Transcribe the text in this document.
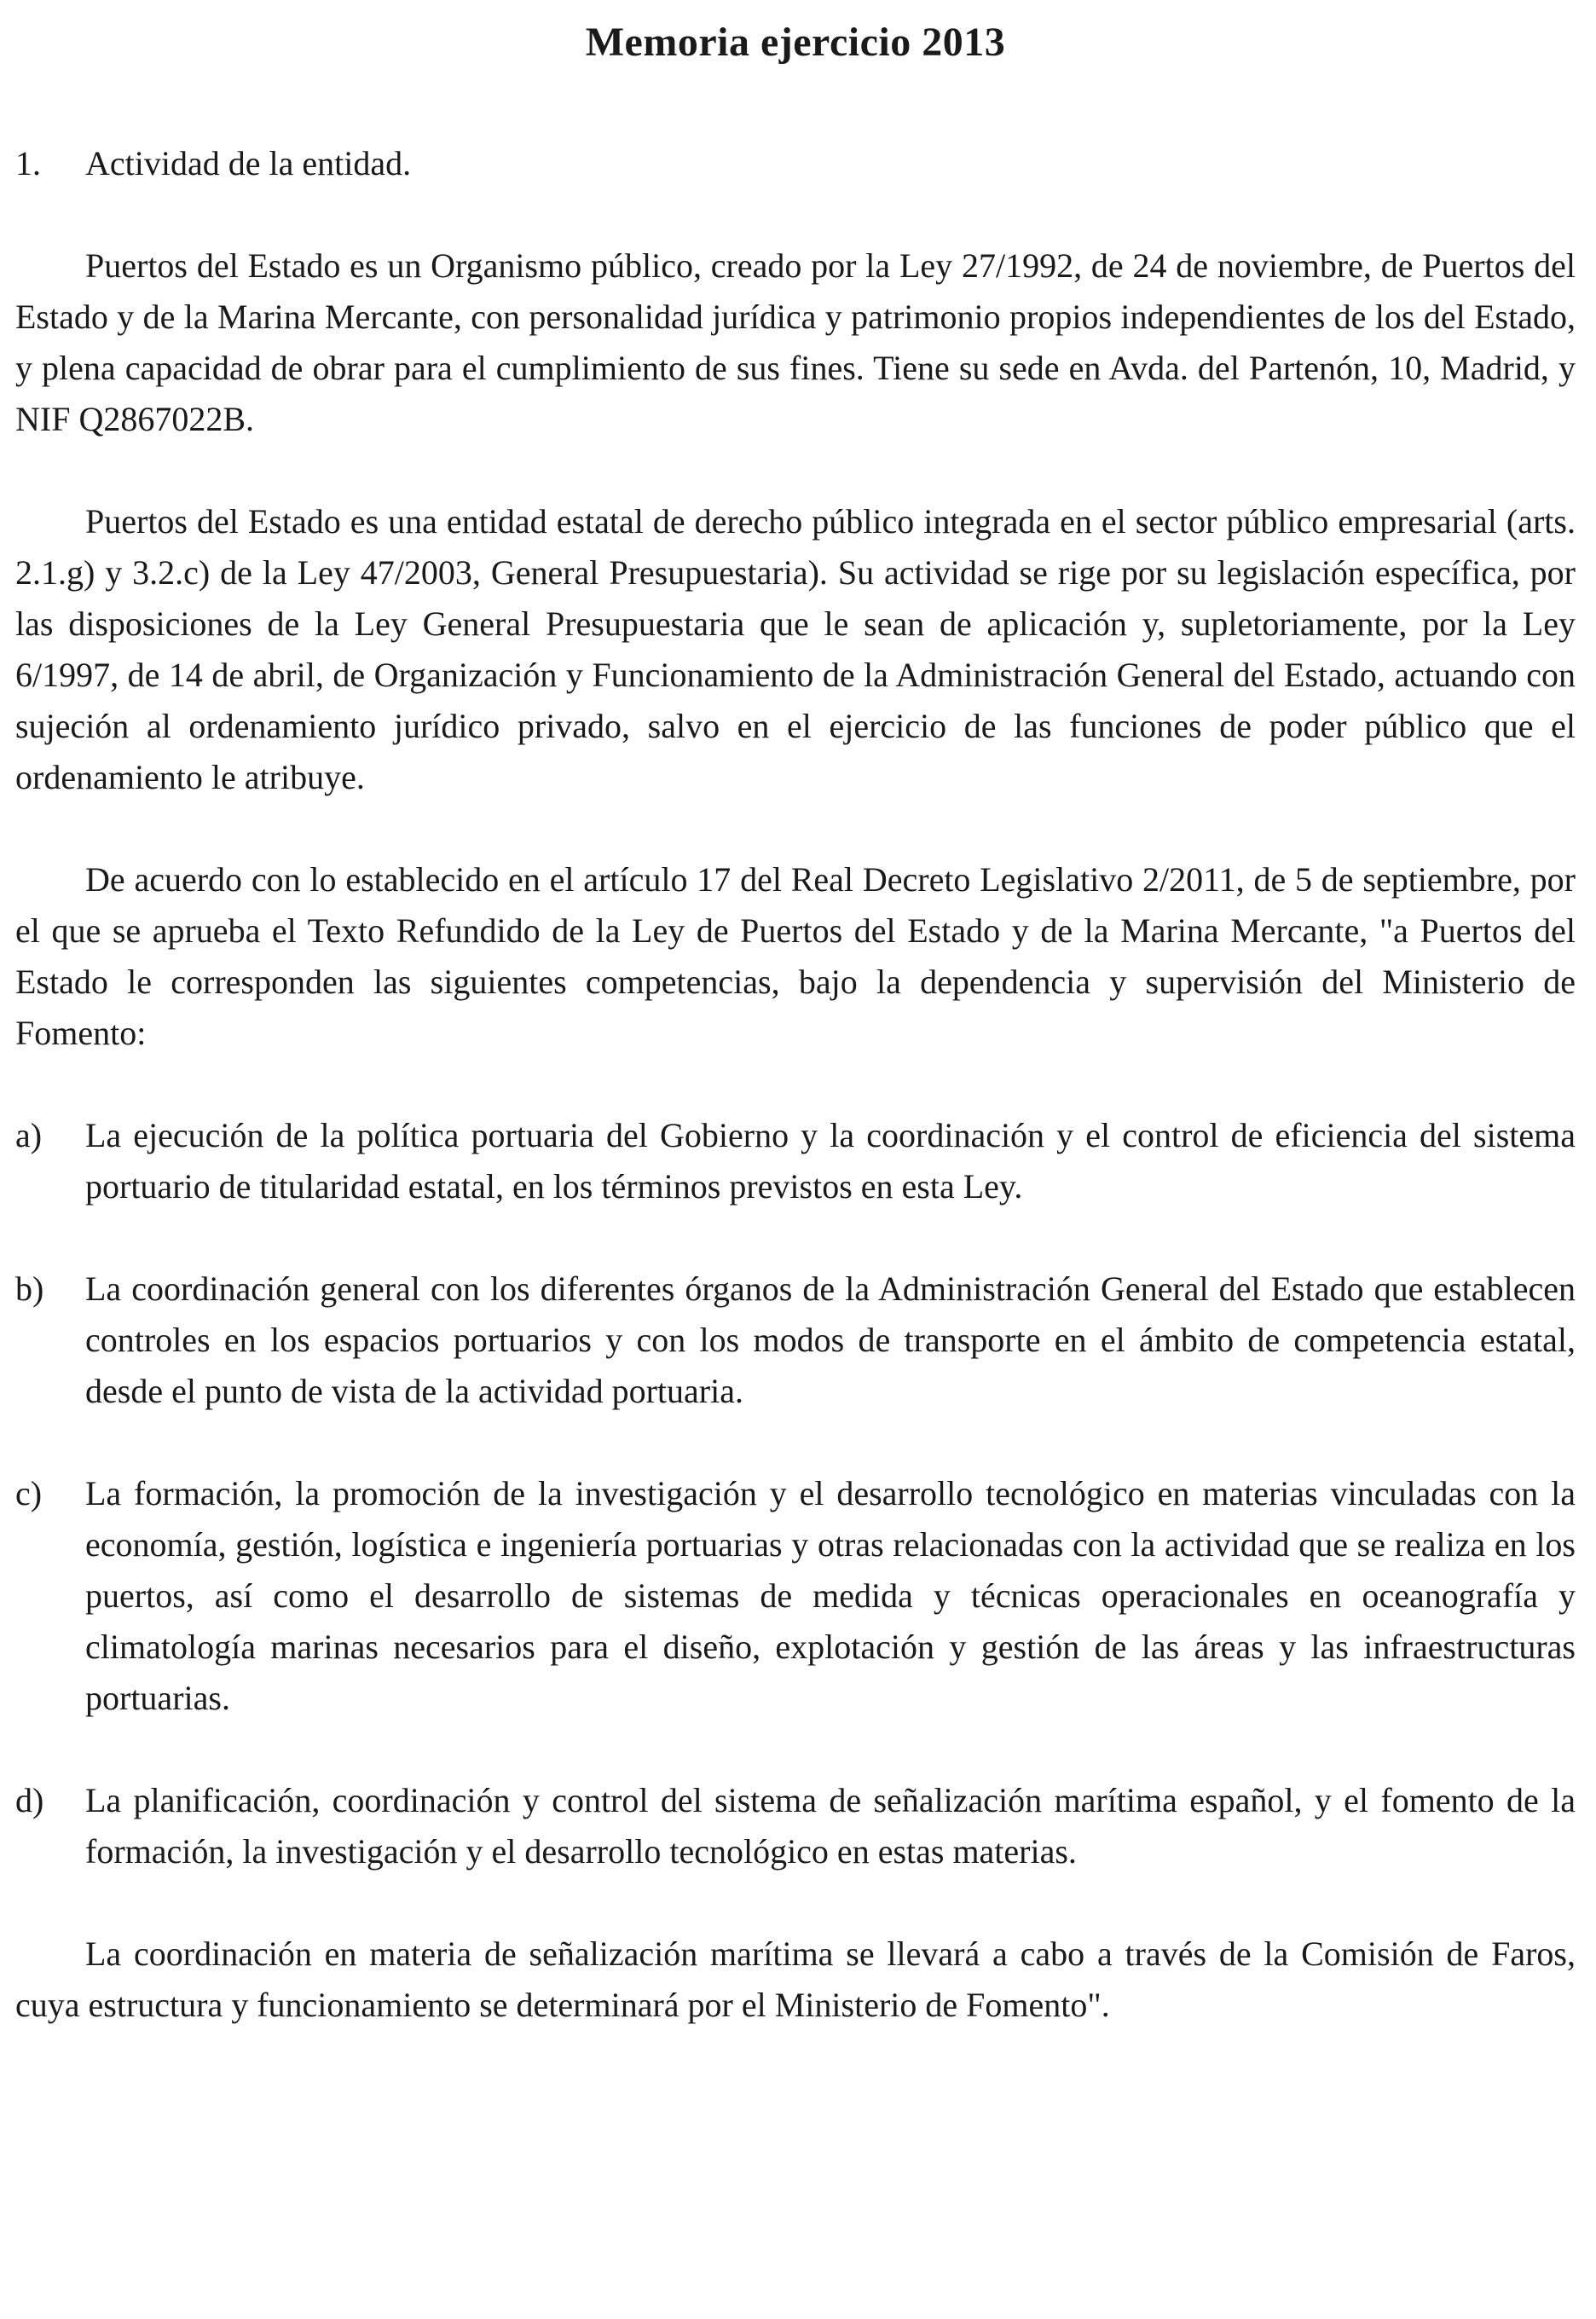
Memoria ejercicio 2013
1.	Actividad de la entidad.

Puertos del Estado es un Organismo público, creado por la Ley 27/1992, de 24 de noviembre, de Puertos del Estado y de la Marina Mercante, con personalidad jurídica y patrimonio propios independientes de los del Estado, y plena capacidad de obrar para el cumplimiento de sus fines. Tiene su sede en Avda. del Partenón, 10, Madrid, y NIF Q2867022B.

Puertos del Estado es una entidad estatal de derecho público integrada en el sector público empresarial (arts. 2.1.g) y 3.2.c) de la Ley 47/2003, General Presupuestaria). Su actividad se rige por su legislación específica, por las disposiciones de la Ley General Presupuestaria que le sean de aplicación y, supletoriamente, por la Ley 6/1997, de 14 de abril, de Organización y Funcionamiento de la Administración General del Estado, actuando con sujeción al ordenamiento jurídico privado, salvo en el ejercicio de las funciones de poder público que el ordenamiento le atribuye.

De acuerdo con lo establecido en el artículo 17 del Real Decreto Legislativo 2/2011, de 5 de septiembre, por el que se aprueba el Texto Refundido de la Ley de Puertos del Estado y de la Marina Mercante, "a Puertos del Estado le corresponden las siguientes competencias, bajo la dependencia y supervisión del Ministerio de Fomento:

a)	La ejecución de la política portuaria del Gobierno y la coordinación y el control de eficiencia del sistema portuario de titularidad estatal, en los términos previstos en esta Ley.
b)	La coordinación general con los diferentes órganos de la Administración General del Estado que establecen controles en los espacios portuarios y con los modos de transporte en el ámbito de competencia estatal, desde el punto de vista de la actividad portuaria.
c)	La formación, la promoción de la investigación y el desarrollo tecnológico en materias vinculadas con la economía, gestión, logística e ingeniería portuarias y otras relacionadas con la actividad que se realiza en los puertos, así como el desarrollo de sistemas de medida y técnicas operacionales en oceanografía y climatología marinas necesarios para el diseño, explotación y gestión de las áreas y las infraestructuras portuarias.
d)	La planificación, coordinación y control del sistema de señalización marítima español, y el fomento de la formación, la investigación y el desarrollo tecnológico en estas materias.

La coordinación en materia de señalización marítima se llevará a cabo a través de la Comisión de Faros, cuya estructura y funcionamiento se determinará por el Ministerio de Fomento".
